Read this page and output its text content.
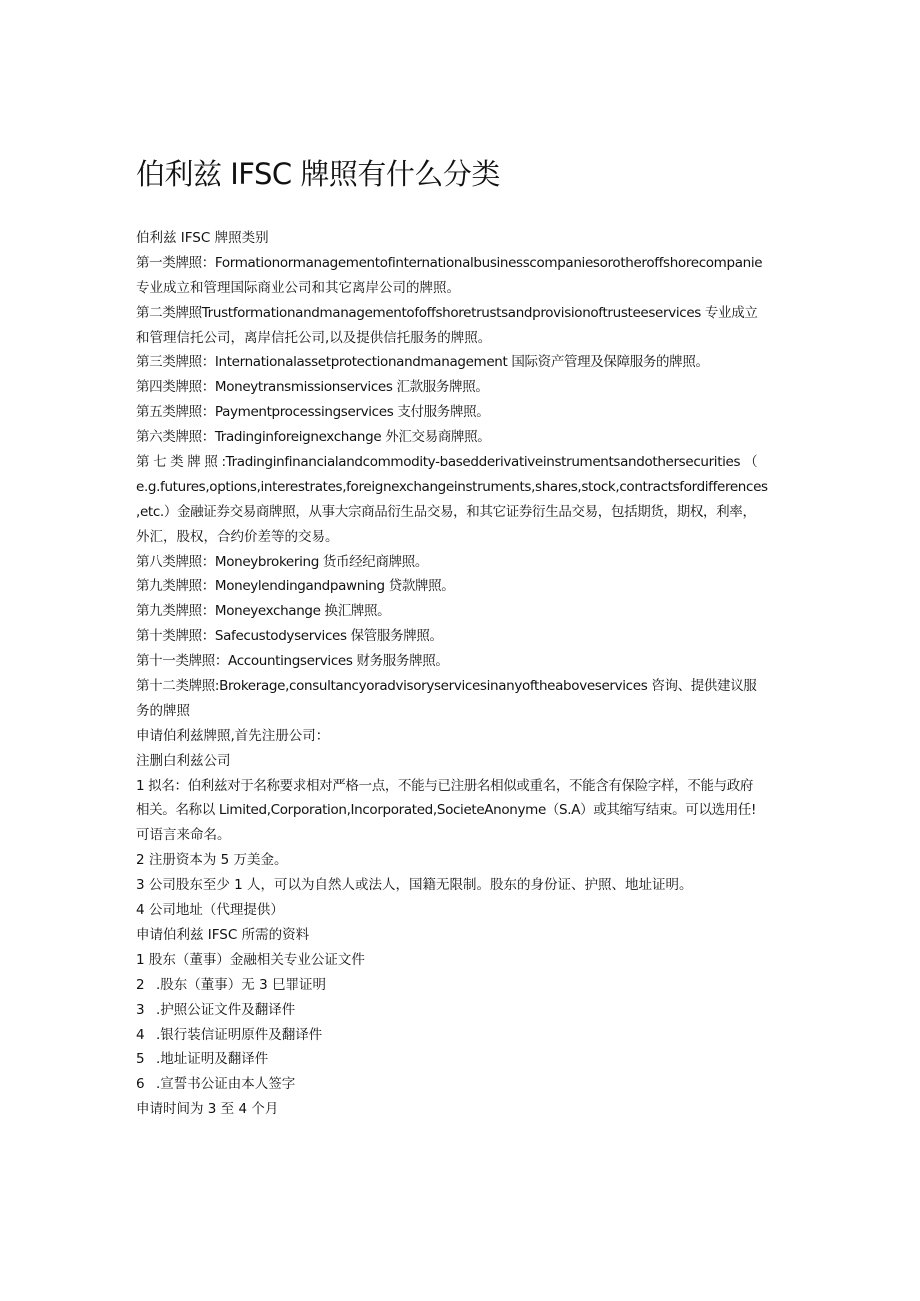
伯利兹 IFSC 牌照有什么分类
伯利兹 IFSC 牌照类别
第一类牌照：Formationormanagementofinternationalbusinesscompaniesorotheroffshorecompanie
专业成立和管理国际商业公司和其它离岸公司的牌照。
第二类牌照Trustformationandmanagementofoffshoretrustsandprovisionoftrusteeservices 专业成立
和管理信托公司，离岸信托公司,以及提供信托服务的牌照。
第三类牌照：Internationalassetprotectionandmanagement 国际资产管理及保障服务的牌照。
第四类牌照：Moneytransmissionservices 汇款服务牌照。
第五类牌照：Paymentprocessingservices 支付服务牌照。
第六类牌照：Tradinginforeignexchange 外汇交易商牌照。
第 七 类 牌 照 :Tradinginfinancialandcommodity-basedderivativeinstrumentsandothersecurities （
e.g.futures,options,interestrates,foreignexchangeinstruments,shares,stock,contractsfordifferences
,etc.）金融证券交易商牌照，从事大宗商品衍生品交易，和其它证券衍生品交易，包括期货，期权，利率，
外汇，股权，合约价差等的交易。
第八类牌照：Moneybrokering 货币经纪商牌照。
第九类牌照：Moneylendingandpawning 贷款牌照。
第九类牌照：Moneyexchange 换汇牌照。
第十类牌照：Safecustodyservices 保管服务牌照。
第十一类牌照：Accountingservices 财务服务牌照。
第十二类牌照:Brokerage,consultancyoradvisoryservicesinanyoftheaboveservices 咨询、提供建议服
务的牌照
申请伯利兹牌照,首先注册公司：
注删白利兹公司
1 拟名：伯利兹对于名称要求相对严格一点，不能与已注册名相似或重名，不能含有保险字样，不能与政府
相关。名称以 Limited,Corporation,Incorporated,SocieteAnonyme（S.A）或其缩写结束。可以选用任!
可语言来命名。
2 注册资本为 5 万美金。
3 公司股东至少 1 人，可以为自然人或法人，国籍无限制。股东的身份证、护照、地址证明。
4 公司地址（代理提供）
申请伯利兹 IFSC 所需的资料
1 股东（董事）金融相关专业公证文件
2 .股东（董事）无 3 巳罪证明
3 .护照公证文件及翻译件
4 .银行装信证明原件及翻译件
5 .地址证明及翻译件
6 .宣誓书公证由本人签字
申请时间为 3 至 4 个月
